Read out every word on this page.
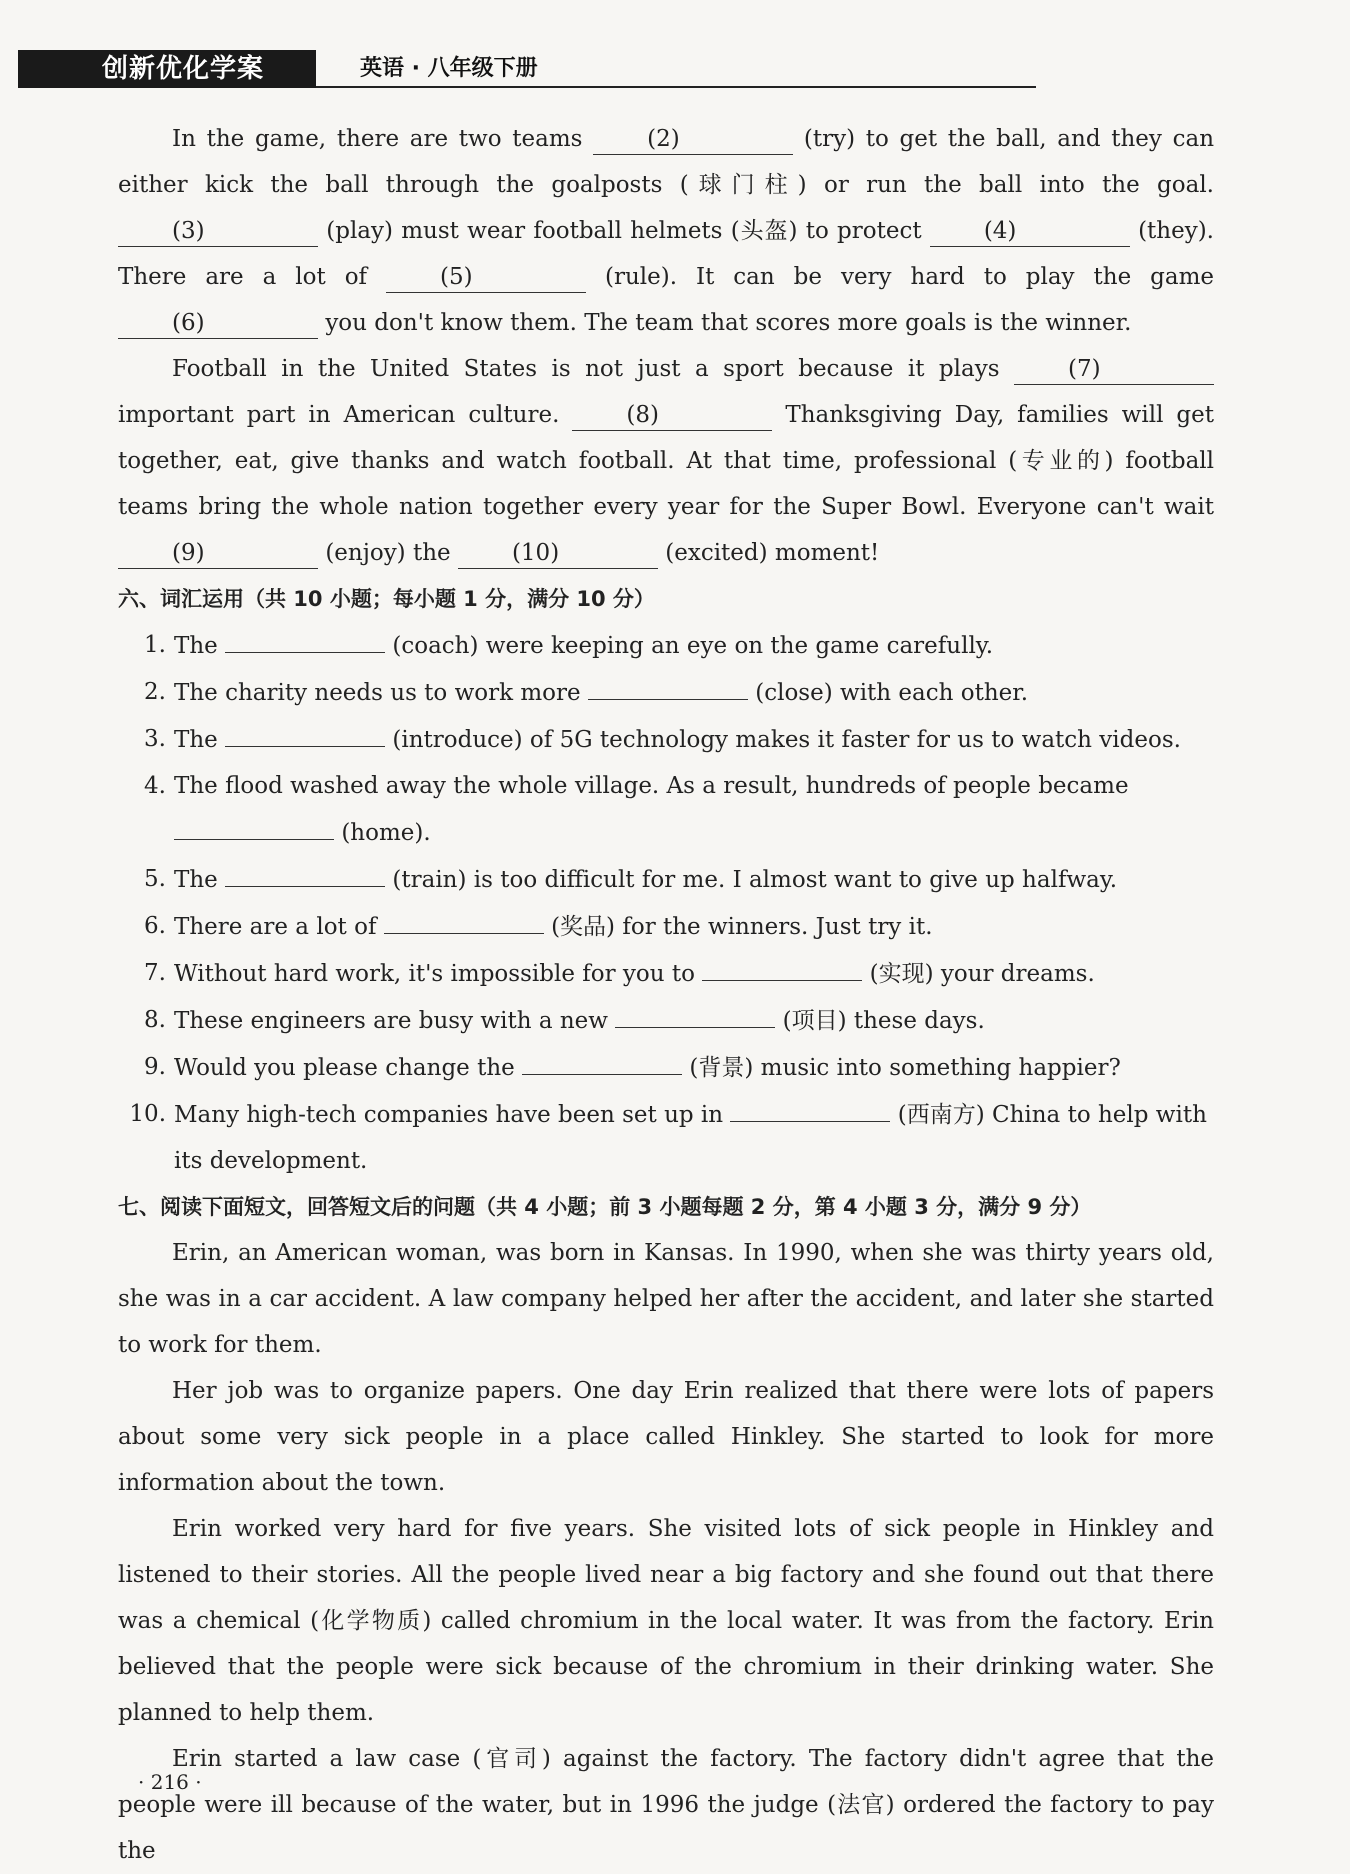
创新优化学案	英语 · 八年级下册

In the game, there are two teams (2)	(try) to get the ball, and they can either kick the ball through the goalposts (球门柱) or run the ball into the goal. (3)	(play) must wear football helmets (头盔) to protect (4)	(they). There are a lot of (5)	(rule). It can be very hard to play the game (6)	you don't know them. The team that scores more goals is the winner.

Football in the United States is not just a sport because it plays (7) important part in American culture. (8)	Thanksgiving Day, families will get together, eat, give thanks and watch football. At that time, professional (专业的) football teams bring the whole nation together every year for the Super Bowl. Everyone can't wait (9)	(enjoy) the (10)	(excited) moment!

六、词汇运用（共 10 小题；每小题 1 分，满分 10 分）

1. The	(coach) were keeping an eye on the game carefully.
2. The charity needs us to work more	(close) with each other.
3. The	(introduce) of 5G technology makes it faster for us to watch videos.
4. The flood washed away the whole village. As a result, hundreds of people became  (home).
5. The	(train) is too difficult for me. I almost want to give up halfway.
6. There are a lot of	(奖品) for the winners. Just try it.
7. Without hard work, it's impossible for you to	(实现) your dreams.
8. These engineers are busy with a new	(项目) these days.
9. Would you please change the	(背景) music into something happier?
10. Many high-tech companies have been set up in	(西南方) China to help with its development.

七、阅读下面短文，回答短文后的问题（共 4 小题；前 3 小题每题 2 分，第 4 小题 3 分，满分 9 分）

Erin, an American woman, was born in Kansas. In 1990, when she was thirty years old, she was in a car accident. A law company helped her after the accident, and later she started to work for them.

Her job was to organize papers. One day Erin realized that there were lots of papers about some very sick people in a place called Hinkley. She started to look for more information about the town.

Erin worked very hard for five years. She visited lots of sick people in Hinkley and listened to their stories. All the people lived near a big factory and she found out that there was a chemical (化学物质) called chromium in the local water. It was from the factory. Erin believed that the people were sick because of the chromium in their drinking water. She planned to help them.

Erin started a law case (官司) against the factory. The factory didn't agree that the people were ill because of the water, but in 1996 the judge (法官) ordered the factory to pay the

· 216 ·
